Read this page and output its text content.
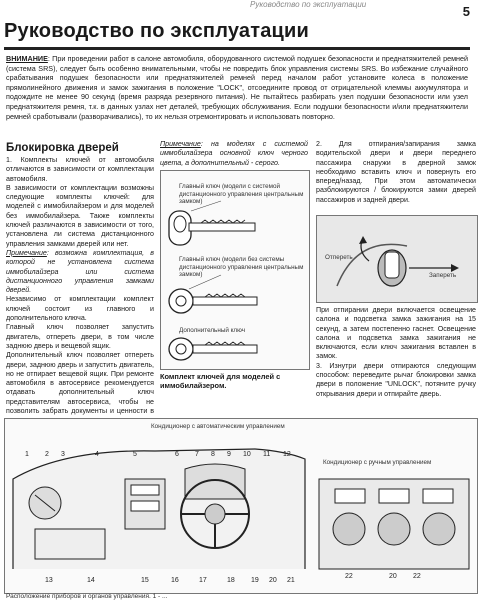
Руководство по эксплуатации	5
Руководство по эксплуатации
ВНИМАНИЕ: При проведении работ в салоне автомобиля, оборудованного системой подушек безопасности и преднатяжителей ремней (система SRS), следует быть особенно внимательными, чтобы не повредить блок управления системы SRS. Во избежание случайного срабатывания подушек безопасности или преднатяжителей ремней перед началом работ установите колеса в положение прямолинейного движения и замок зажигания в положение "LOCK", отсоедините провод от отрицательной клеммы аккумулятора и подождите не менее 90 секунд (время разряда резервного питания). Не пытайтесь разбирать узел подушки безопасности или узел преднатяжителя ремня, т.к. в данных узлах нет деталей, требующих обслуживания. Если подушки безопасности и/или преднатяжители ремней сработывали (разворачивались), то их нельзя отремонтировать и использовать повторно.
Блокировка дверей

1. Комплекты ключей от автомобиля отличаются в зависимости от комплектации автомобиля.

В зависимости от комплектации возможны следующие комплекты ключей: для моделей с иммобилайзером и для моделей без иммобилайзера. Также комплекты ключей различаются в зависимости от того, установлена ли система дистанционного управления замками дверей или нет.

Примечание: возможна комплектация, в которой не установлена система иммобилайзера или система дистанционного управления замками дверей.

Независимо от комплектации комплект ключей состоит из главного и дополнительного ключа.

Главный ключ позволяет запустить двигатель, отпереть двери, в том числе заднюю дверь и вещевой ящик.

Дополнительный ключ позволяет отпереть двери, заднюю дверь и запустить двигатель, но не отпирает вещевой ящик. При ремонте автомобиля в автосервисе рекомендуется отдавать дополнительный ключ представителям автосервиса, чтобы не позволить забрать документы и ценности в

Примечание: на моделях с системой иммобилайзера основной ключ черного цвета, а дополнительный - серого.
Главный ключ (модели с системой дистанционного управления центральным замком)
Главный ключ (модели без системы дистанционного управления центральным замком)
Дополнительный ключ
Комплект ключей для моделей с иммобилайзером.

2. Для отпирания/запирания замка водительской двери и двери переднего пассажира снаружи в дверной замок необходимо вставить ключ и повернуть его вперед/назад. При этом автоматически разблокируются / блокируются замки дверей пассажиров и задней двери.

Отпереть
Запереть

При отпирании двери включается освещение салона и подсветка замка зажигания на 15 секунд, а затем постепенно гаснет. Освещение салона и подсветка замка зажигания не включаются, если ключ зажигания вставлен в замок.

3. Изнутри двери отпираются следующим способом: переведите рычаг блокировки замка двери в положение "UNLOCK", потяните ручку открывания двери и отпирайте дверь.

Кондиционер с автоматическим управлением
Кондиционер с ручным управлением
1 2 3	4	5	6 7 8 9 10 11 12
13	14	15	16	17	18 19 20 21
22	20 22
Расположение приборов и органов управления. 1 - ...
